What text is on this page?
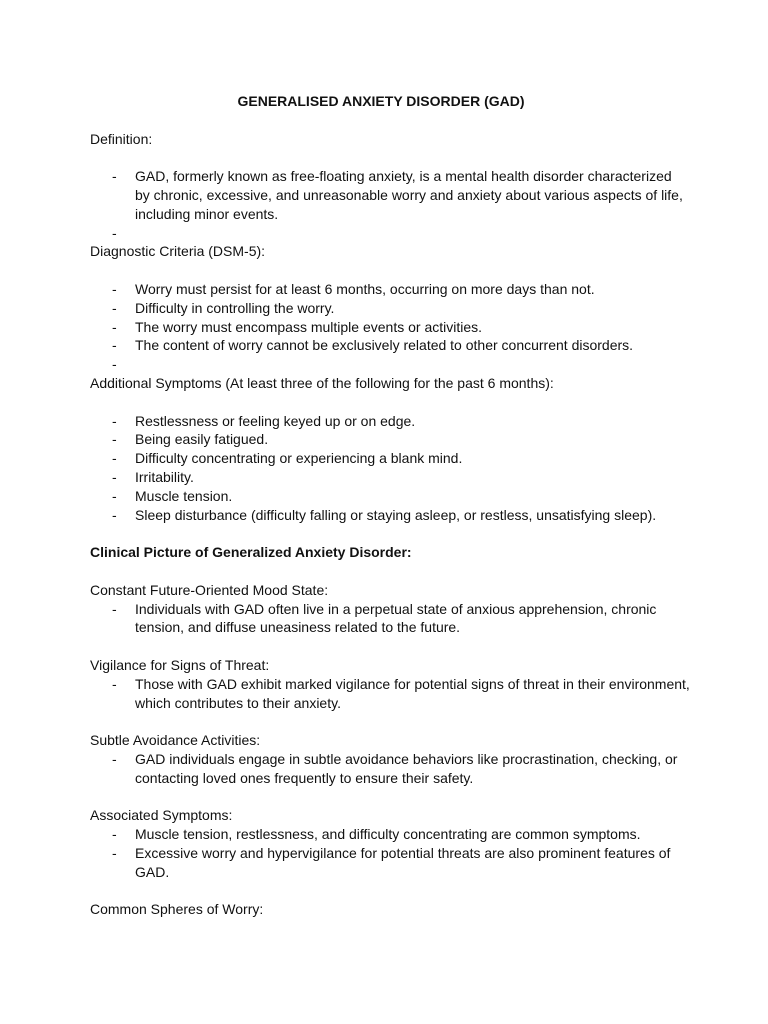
GENERALISED ANXIETY DISORDER (GAD)
Definition:
- GAD, formerly known as free-floating anxiety, is a mental health disorder characterized by chronic, excessive, and unreasonable worry and anxiety about various aspects of life, including minor events.
-

Diagnostic Criteria (DSM-5):
- Worry must persist for at least 6 months, occurring on more days than not.
- Difficulty in controlling the worry.
- The worry must encompass multiple events or activities.
- The content of worry cannot be exclusively related to other concurrent disorders.
-

Additional Symptoms (At least three of the following for the past 6 months):
- Restlessness or feeling keyed up or on edge.
- Being easily fatigued.
- Difficulty concentrating or experiencing a blank mind.
- Irritability.
- Muscle tension.
- Sleep disturbance (difficulty falling or staying asleep, or restless, unsatisfying sleep).
Clinical Picture of Generalized Anxiety Disorder:
Constant Future-Oriented Mood State:
- Individuals with GAD often live in a perpetual state of anxious apprehension, chronic tension, and diffuse uneasiness related to the future.
Vigilance for Signs of Threat:
- Those with GAD exhibit marked vigilance for potential signs of threat in their environment, which contributes to their anxiety.
Subtle Avoidance Activities:
- GAD individuals engage in subtle avoidance behaviors like procrastination, checking, or contacting loved ones frequently to ensure their safety.
Associated Symptoms:
- Muscle tension, restlessness, and difficulty concentrating are common symptoms.
- Excessive worry and hypervigilance for potential threats are also prominent features of GAD.
Common Spheres of Worry:
